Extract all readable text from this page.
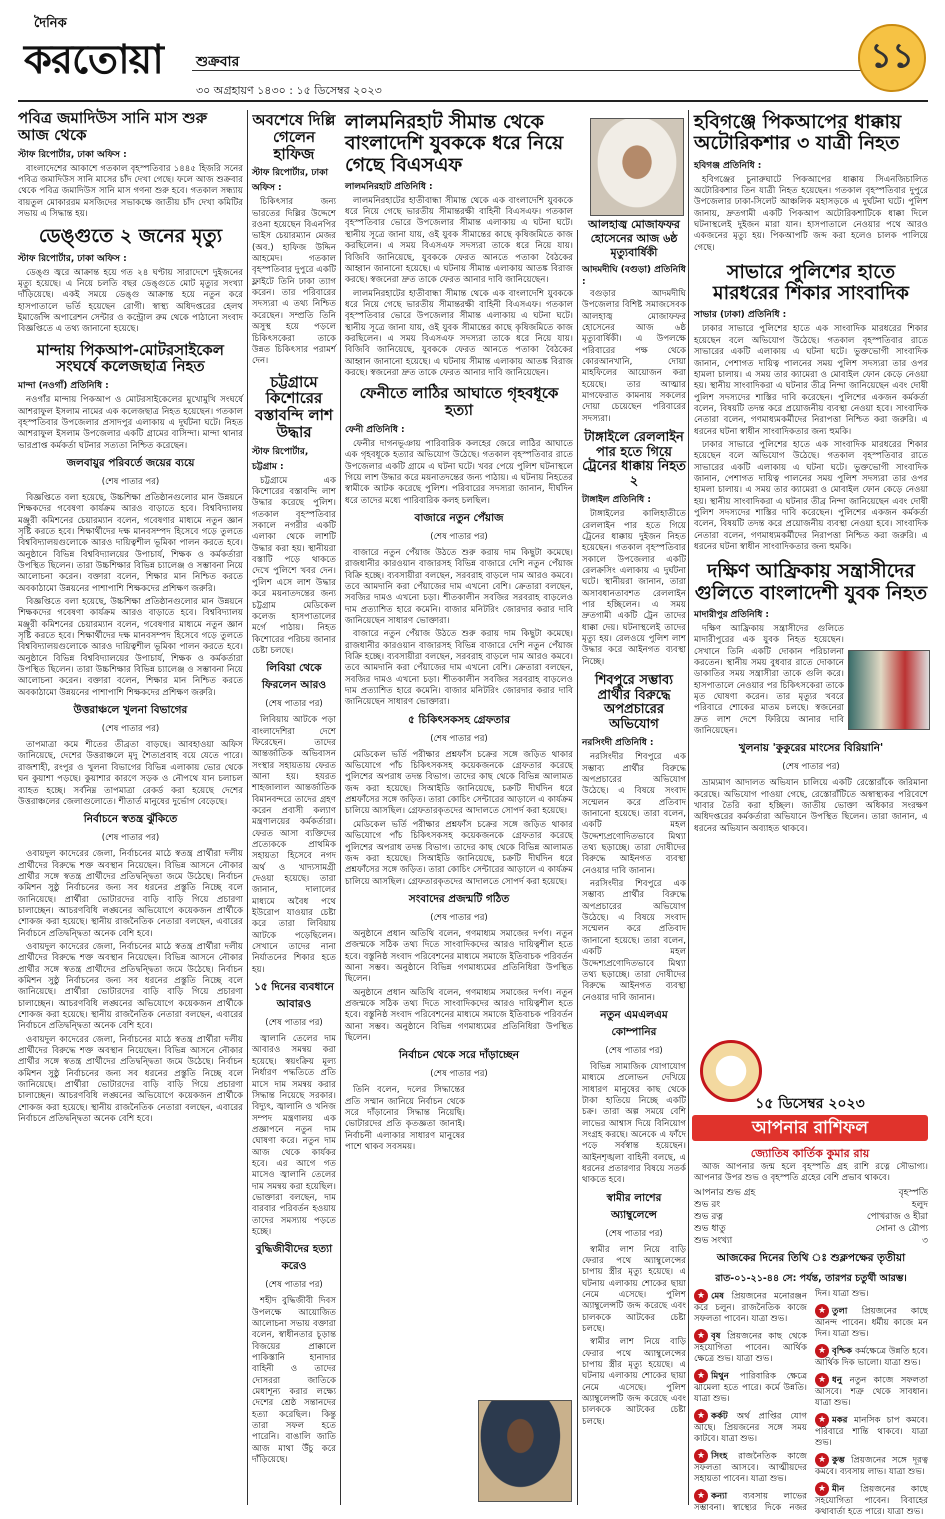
দৈনিক
করতোয়া শুক্রবার
৩০ অগ্রহায়ণ ১৪৩০ : ১৫ ডিসেম্বর ২০২৩
১১
পবিত্র জমাদিউস সানি মাস শুরু আজ থেকে
স্টাফ রিপোর্টার, ঢাকা অফিস :

বাংলাদেশের আকাশে গতকাল বৃহস্পতিবার ১৪৪৫ হিজরি সনের পবিত্র জমাদিউস সানি মাসের চাঁদ দেখা গেছে। ফলে আজ শুক্রবার থেকে পবিত্র জমাদিউস সানি মাস গণনা শুরু হবে। গতকাল সন্ধ্যায় বায়তুল মোকাররম মসজিদের সভাকক্ষে জাতীয় চাঁদ দেখা কমিটির সভায় এ সিদ্ধান্ত হয়।

ডেঙ্গুতে ২ জনের মৃত্যু
স্টাফ রিপোর্টার, ঢাকা অফিস :

ডেঙ্গু জ্বরে আক্রান্ত হয়ে গত ২৪ ঘণ্টায় সারাদেশে দুইজনের মৃত্যু হয়েছে। এ নিয়ে চলতি বছর ডেঙ্গুতে মোট মৃত্যুর সংখ্যা দাঁড়িয়েছে। একই সময়ে ডেঙ্গু আক্রান্ত হয়ে নতুন করে হাসপাতালে ভর্তি হয়েছেন রোগী। স্বাস্থ্য অধিদপ্তরের হেলথ ইমার্জেন্সি অপারেশন সেন্টার ও কন্ট্রোল রুম থেকে পাঠানো সংবাদ বিজ্ঞপ্তিতে এ তথ্য জানানো হয়েছে।

মান্দায় পিকআপ-মোটরসাইকেল সংঘর্ষে কলেজছাত্র নিহত
মান্দা (নওগাঁ) প্রতিনিধি :

নওগাঁর মান্দায় পিকআপ ও মোটরসাইকেলের মুখোমুখি সংঘর্ষে আশরাফুল ইসলাম নামের এক কলেজছাত্র নিহত হয়েছেন। গতকাল বৃহস্পতিবার উপজেলার প্রসাদপুর এলাকায় এ দুর্ঘটনা ঘটে। নিহত আশরাফুল ইসলাম উপজেলার একটি গ্রামের বাসিন্দা। মান্দা থানার ভারপ্রাপ্ত কর্মকর্তা ঘটনার সত্যতা নিশ্চিত করেছেন।

জলবায়ুর পরিবর্তে জয়ের ব্যয়ে
(শেষ পাতার পর)

বিজ্ঞপ্তিতে বলা হয়েছে, উচ্চশিক্ষা প্রতিষ্ঠানগুলোর মান উন্নয়নে শিক্ষকদের গবেষণা কার্যক্রম আরও বাড়াতে হবে। বিশ্ববিদ্যালয় মঞ্জুরী কমিশনের চেয়ারম্যান বলেন, গবেষণার মাধ্যমে নতুন জ্ঞান সৃষ্টি করতে হবে। শিক্ষার্থীদের দক্ষ মানবসম্পদ হিসেবে গড়ে তুলতে বিশ্ববিদ্যালয়গুলোকে আরও দায়িত্বশীল ভূমিকা পালন করতে হবে। অনুষ্ঠানে বিভিন্ন বিশ্ববিদ্যালয়ের উপাচার্য, শিক্ষক ও কর্মকর্তারা উপস্থিত ছিলেন। তারা উচ্চশিক্ষার বিভিন্ন চ্যালেঞ্জ ও সম্ভাবনা নিয়ে আলোচনা করেন। বক্তারা বলেন, শিক্ষার মান নিশ্চিত করতে অবকাঠামো উন্নয়নের পাশাপাশি শিক্ষকদের প্রশিক্ষণ জরুরি।

বিজ্ঞপ্তিতে বলা হয়েছে, উচ্চশিক্ষা প্রতিষ্ঠানগুলোর মান উন্নয়নে শিক্ষকদের গবেষণা কার্যক্রম আরও বাড়াতে হবে। বিশ্ববিদ্যালয় মঞ্জুরী কমিশনের চেয়ারম্যান বলেন, গবেষণার মাধ্যমে নতুন জ্ঞান সৃষ্টি করতে হবে। শিক্ষার্থীদের দক্ষ মানবসম্পদ হিসেবে গড়ে তুলতে বিশ্ববিদ্যালয়গুলোকে আরও দায়িত্বশীল ভূমিকা পালন করতে হবে। অনুষ্ঠানে বিভিন্ন বিশ্ববিদ্যালয়ের উপাচার্য, শিক্ষক ও কর্মকর্তারা উপস্থিত ছিলেন। তারা উচ্চশিক্ষার বিভিন্ন চ্যালেঞ্জ ও সম্ভাবনা নিয়ে আলোচনা করেন। বক্তারা বলেন, শিক্ষার মান নিশ্চিত করতে অবকাঠামো উন্নয়নের পাশাপাশি শিক্ষকদের প্রশিক্ষণ জরুরি।

উত্তরাঞ্চলে খুলনা বিভাগের
(শেষ পাতার পর)

তাপমাত্রা কমে শীতের তীব্রতা বাড়ছে। আবহাওয়া অফিস জানিয়েছে, দেশের উত্তরাঞ্চলে মৃদু শৈত্যপ্রবাহ বয়ে যেতে পারে। রাজশাহী, রংপুর ও খুলনা বিভাগের বিভিন্ন এলাকায় ভোর থেকে ঘন কুয়াশা পড়ছে। কুয়াশার কারণে সড়ক ও নৌপথে যান চলাচল ব্যাহত হচ্ছে। সর্বনিম্ন তাপমাত্রা রেকর্ড করা হয়েছে দেশের উত্তরাঞ্চলের জেলাগুলোতে। শীতার্ত মানুষের দুর্ভোগ বেড়েছে।

নির্বাচনে স্বতন্ত্র ঝুঁকিতে
(শেষ পাতার পর)

ওবায়দুল কাদেরের জেলা, নির্বাচনের মাঠে স্বতন্ত্র প্রার্থীরা দলীয় প্রার্থীদের বিরুদ্ধে শক্ত অবস্থান নিয়েছেন। বিভিন্ন আসনে নৌকার প্রার্থীর সঙ্গে স্বতন্ত্র প্রার্থীদের প্রতিদ্বন্দ্বিতা জমে উঠেছে। নির্বাচন কমিশন সুষ্ঠু নির্বাচনের জন্য সব ধরনের প্রস্তুতি নিচ্ছে বলে জানিয়েছে। প্রার্থীরা ভোটারদের বাড়ি বাড়ি গিয়ে প্রচারণা চালাচ্ছেন। আচরণবিধি লঙ্ঘনের অভিযোগে কয়েকজন প্রার্থীকে শোকজ করা হয়েছে। স্থানীয় রাজনৈতিক নেতারা বলছেন, এবারের নির্বাচনে প্রতিদ্বন্দ্বিতা অনেক বেশি হবে।

ওবায়দুল কাদেরের জেলা, নির্বাচনের মাঠে স্বতন্ত্র প্রার্থীরা দলীয় প্রার্থীদের বিরুদ্ধে শক্ত অবস্থান নিয়েছেন। বিভিন্ন আসনে নৌকার প্রার্থীর সঙ্গে স্বতন্ত্র প্রার্থীদের প্রতিদ্বন্দ্বিতা জমে উঠেছে। নির্বাচন কমিশন সুষ্ঠু নির্বাচনের জন্য সব ধরনের প্রস্তুতি নিচ্ছে বলে জানিয়েছে। প্রার্থীরা ভোটারদের বাড়ি বাড়ি গিয়ে প্রচারণা চালাচ্ছেন। আচরণবিধি লঙ্ঘনের অভিযোগে কয়েকজন প্রার্থীকে শোকজ করা হয়েছে। স্থানীয় রাজনৈতিক নেতারা বলছেন, এবারের নির্বাচনে প্রতিদ্বন্দ্বিতা অনেক বেশি হবে।

ওবায়দুল কাদেরের জেলা, নির্বাচনের মাঠে স্বতন্ত্র প্রার্থীরা দলীয় প্রার্থীদের বিরুদ্ধে শক্ত অবস্থান নিয়েছেন। বিভিন্ন আসনে নৌকার প্রার্থীর সঙ্গে স্বতন্ত্র প্রার্থীদের প্রতিদ্বন্দ্বিতা জমে উঠেছে। নির্বাচন কমিশন সুষ্ঠু নির্বাচনের জন্য সব ধরনের প্রস্তুতি নিচ্ছে বলে জানিয়েছে। প্রার্থীরা ভোটারদের বাড়ি বাড়ি গিয়ে প্রচারণা চালাচ্ছেন। আচরণবিধি লঙ্ঘনের অভিযোগে কয়েকজন প্রার্থীকে শোকজ করা হয়েছে। স্থানীয় রাজনৈতিক নেতারা বলছেন, এবারের নির্বাচনে প্রতিদ্বন্দ্বিতা অনেক বেশি হবে।

অবশেষে দিল্লি গেলেন হাফিজ
স্টাফ রিপোর্টার, ঢাকা অফিস :

চিকিৎসার জন্য ভারতের দিল্লির উদ্দেশে রওনা হয়েছেন বিএনপির ভাইস চেয়ারম্যান মেজর (অব.) হাফিজ উদ্দিন আহমেদ। গতকাল বৃহস্পতিবার দুপুরে একটি ফ্লাইটে তিনি ঢাকা ত্যাগ করেন। তার পরিবারের সদস্যরা এ তথ্য নিশ্চিত করেছেন। সম্প্রতি তিনি অসুস্থ হয়ে পড়লে চিকিৎসকেরা তাকে উন্নত চিকিৎসার পরামর্শ দেন।

চট্টগ্রামে কিশোরের বস্তাবন্দি লাশ উদ্ধার
স্টাফ রিপোর্টার, চট্টগ্রাম :

চট্টগ্রামে এক কিশোরের বস্তাবন্দি লাশ উদ্ধার করেছে পুলিশ। গতকাল বৃহস্পতিবার সকালে নগরীর একটি এলাকা থেকে লাশটি উদ্ধার করা হয়। স্থানীয়রা বস্তাটি পড়ে থাকতে দেখে পুলিশে খবর দেন। পুলিশ এসে লাশ উদ্ধার করে ময়নাতদন্তের জন্য চট্টগ্রাম মেডিকেল কলেজ হাসপাতালের মর্গে পাঠায়। নিহত কিশোরের পরিচয় জানার চেষ্টা চলছে।

লিবিয়া থেকে ফিরলেন আরও
(শেষ পাতার পর)

লিবিয়ায় আটকে পড়া বাংলাদেশিরা দেশে ফিরেছেন। তাদের আন্তর্জাতিক অভিবাসন সংস্থার সহায়তায় ফেরত আনা হয়। হযরত শাহজালাল আন্তর্জাতিক বিমানবন্দরে তাদের গ্রহণ করেন প্রবাসী কল্যাণ মন্ত্রণালয়ের কর্মকর্তারা। ফেরত আসা ব্যক্তিদের প্রত্যেককে প্রাথমিক সহায়তা হিসেবে নগদ অর্থ ও খাদ্যসামগ্রী দেওয়া হয়েছে। তারা জানান, দালালের মাধ্যমে অবৈধ পথে ইউরোপ যাওয়ার চেষ্টা করে তারা লিবিয়ায় আটকে পড়েছিলেন। সেখানে তাদের নানা নির্যাতনের শিকার হতে হয়।

১৫ দিনের ব্যবধানে আবারও
(শেষ পাতার পর)

জ্বালানি তেলের দাম আবারও সমন্বয় করা হয়েছে। স্বয়ংক্রিয় মূল্য নির্ধারণ পদ্ধতিতে প্রতি মাসে দাম সমন্বয় করার সিদ্ধান্ত নিয়েছে সরকার। বিদ্যুৎ, জ্বালানি ও খনিজ সম্পদ মন্ত্রণালয় এক প্রজ্ঞাপনে নতুন দাম ঘোষণা করে। নতুন দাম আজ থেকে কার্যকর হবে। এর আগে গত মাসেও জ্বালানি তেলের দাম সমন্বয় করা হয়েছিল। ভোক্তারা বলছেন, দাম বারবার পরিবর্তন হওয়ায় তাদের সমস্যায় পড়তে হচ্ছে।

বুদ্ধিজীবীদের হত্যা করেও
(শেষ পাতার পর)

শহীদ বুদ্ধিজীবী দিবস উপলক্ষে আয়োজিত আলোচনা সভায় বক্তারা বলেন, স্বাধীনতার চূড়ান্ত বিজয়ের প্রাক্কালে পাকিস্তানি হানাদার বাহিনী ও তাদের দোসররা জাতিকে মেধাশূন্য করার লক্ষ্যে দেশের শ্রেষ্ঠ সন্তানদের হত্যা করেছিল। কিন্তু তারা সফল হতে পারেনি। বাঙালি জাতি আজ মাথা উঁচু করে দাঁড়িয়েছে।

লালমনিরহাট সীমান্ত থেকে বাংলাদেশি যুবককে ধরে নিয়ে গেছে বিএসএফ
লালমনিরহাট প্রতিনিধি :

লালমনিরহাটের হাতীবান্ধা সীমান্ত থেকে এক বাংলাদেশি যুবককে ধরে নিয়ে গেছে ভারতীয় সীমান্তরক্ষী বাহিনী বিএসএফ। গতকাল বৃহস্পতিবার ভোরে উপজেলার সীমান্ত এলাকায় এ ঘটনা ঘটে। স্থানীয় সূত্রে জানা যায়, ওই যুবক সীমান্তের কাছে কৃষিজমিতে কাজ করছিলেন। এ সময় বিএসএফ সদস্যরা তাকে ধরে নিয়ে যায়। বিজিবি জানিয়েছে, যুবককে ফেরত আনতে পতাকা বৈঠকের আহ্বান জানানো হয়েছে। এ ঘটনায় সীমান্ত এলাকায় আতঙ্ক বিরাজ করছে। স্বজনেরা দ্রুত তাকে ফেরত আনার দাবি জানিয়েছেন।

লালমনিরহাটের হাতীবান্ধা সীমান্ত থেকে এক বাংলাদেশি যুবককে ধরে নিয়ে গেছে ভারতীয় সীমান্তরক্ষী বাহিনী বিএসএফ। গতকাল বৃহস্পতিবার ভোরে উপজেলার সীমান্ত এলাকায় এ ঘটনা ঘটে। স্থানীয় সূত্রে জানা যায়, ওই যুবক সীমান্তের কাছে কৃষিজমিতে কাজ করছিলেন। এ সময় বিএসএফ সদস্যরা তাকে ধরে নিয়ে যায়। বিজিবি জানিয়েছে, যুবককে ফেরত আনতে পতাকা বৈঠকের আহ্বান জানানো হয়েছে। এ ঘটনায় সীমান্ত এলাকায় আতঙ্ক বিরাজ করছে। স্বজনেরা দ্রুত তাকে ফেরত আনার দাবি জানিয়েছেন।

ফেনীতে লাঠির আঘাতে গৃহবধূকে হত্যা
ফেনী প্রতিনিধি :

ফেনীর দাগনভূঞায় পারিবারিক কলহের জেরে লাঠির আঘাতে এক গৃহবধূকে হত্যার অভিযোগ উঠেছে। গতকাল বৃহস্পতিবার রাতে উপজেলার একটি গ্রামে এ ঘটনা ঘটে। খবর পেয়ে পুলিশ ঘটনাস্থলে গিয়ে লাশ উদ্ধার করে ময়নাতদন্তের জন্য পাঠায়। এ ঘটনায় নিহতের স্বামীকে আটক করেছে পুলিশ। পরিবারের সদস্যরা জানান, দীর্ঘদিন ধরে তাদের মধ্যে পারিবারিক কলহ চলছিল।

বাজারে নতুন পেঁয়াজ
(শেষ পাতার পর)

বাজারে নতুন পেঁয়াজ উঠতে শুরু করায় দাম কিছুটা কমেছে। রাজধানীর কারওয়ান বাজারসহ বিভিন্ন বাজারে দেশি নতুন পেঁয়াজ বিক্রি হচ্ছে। ব্যবসায়ীরা বলছেন, সরবরাহ বাড়লে দাম আরও কমবে। তবে আমদানি করা পেঁয়াজের দাম এখনো বেশি। ক্রেতারা বলছেন, সবজির দামও এখনো চড়া। শীতকালীন সবজির সরবরাহ বাড়লেও দাম প্রত্যাশিত হারে কমেনি। বাজার মনিটরিং জোরদার করার দাবি জানিয়েছেন সাধারণ ভোক্তারা।

বাজারে নতুন পেঁয়াজ উঠতে শুরু করায় দাম কিছুটা কমেছে। রাজধানীর কারওয়ান বাজারসহ বিভিন্ন বাজারে দেশি নতুন পেঁয়াজ বিক্রি হচ্ছে। ব্যবসায়ীরা বলছেন, সরবরাহ বাড়লে দাম আরও কমবে। তবে আমদানি করা পেঁয়াজের দাম এখনো বেশি। ক্রেতারা বলছেন, সবজির দামও এখনো চড়া। শীতকালীন সবজির সরবরাহ বাড়লেও দাম প্রত্যাশিত হারে কমেনি। বাজার মনিটরিং জোরদার করার দাবি জানিয়েছেন সাধারণ ভোক্তারা।

৫ চিকিৎসকসহ গ্রেফতার
(শেষ পাতার পর)

মেডিকেল ভর্তি পরীক্ষার প্রশ্নফাঁস চক্রের সঙ্গে জড়িত থাকার অভিযোগে পাঁচ চিকিৎসকসহ কয়েকজনকে গ্রেফতার করেছে পুলিশের অপরাধ তদন্ত বিভাগ। তাদের কাছ থেকে বিভিন্ন আলামত জব্দ করা হয়েছে। সিআইডি জানিয়েছে, চক্রটি দীর্ঘদিন ধরে প্রশ্নফাঁসের সঙ্গে জড়িত। তারা কোচিং সেন্টারের আড়ালে এ কার্যক্রম চালিয়ে আসছিল। গ্রেফতারকৃতদের আদালতে সোপর্দ করা হয়েছে।

মেডিকেল ভর্তি পরীক্ষার প্রশ্নফাঁস চক্রের সঙ্গে জড়িত থাকার অভিযোগে পাঁচ চিকিৎসকসহ কয়েকজনকে গ্রেফতার করেছে পুলিশের অপরাধ তদন্ত বিভাগ। তাদের কাছ থেকে বিভিন্ন আলামত জব্দ করা হয়েছে। সিআইডি জানিয়েছে, চক্রটি দীর্ঘদিন ধরে প্রশ্নফাঁসের সঙ্গে জড়িত। তারা কোচিং সেন্টারের আড়ালে এ কার্যক্রম চালিয়ে আসছিল। গ্রেফতারকৃতদের আদালতে সোপর্দ করা হয়েছে।

সংবাদের প্রজন্মটি গঠিত
(শেষ পাতার পর)

অনুষ্ঠানে প্রধান অতিথি বলেন, গণমাধ্যম সমাজের দর্পণ। নতুন প্রজন্মকে সঠিক তথ্য দিতে সাংবাদিকদের আরও দায়িত্বশীল হতে হবে। বস্তুনিষ্ঠ সংবাদ পরিবেশনের মাধ্যমে সমাজে ইতিবাচক পরিবর্তন আনা সম্ভব। অনুষ্ঠানে বিভিন্ন গণমাধ্যমের প্রতিনিধিরা উপস্থিত ছিলেন।

অনুষ্ঠানে প্রধান অতিথি বলেন, গণমাধ্যম সমাজের দর্পণ। নতুন প্রজন্মকে সঠিক তথ্য দিতে সাংবাদিকদের আরও দায়িত্বশীল হতে হবে। বস্তুনিষ্ঠ সংবাদ পরিবেশনের মাধ্যমে সমাজে ইতিবাচক পরিবর্তন আনা সম্ভব। অনুষ্ঠানে বিভিন্ন গণমাধ্যমের প্রতিনিধিরা উপস্থিত ছিলেন।

নির্বাচন থেকে সরে দাঁড়াচ্ছেন
(শেষ পাতার পর)

তিনি বলেন, দলের সিদ্ধান্তের প্রতি সম্মান জানিয়ে নির্বাচন থেকে সরে দাঁড়ানোর সিদ্ধান্ত নিয়েছি। ভোটারদের প্রতি কৃতজ্ঞতা জানাই। নির্বাচনী এলাকার সাধারণ মানুষের পাশে থাকব সবসময়।

আলহাজ্ব মোজাফফর হোসেনের আজ ৬ষ্ঠ মৃত্যুবার্ষিকী
আদমদীঘি (বগুড়া) প্রতিনিধি :

বগুড়ার আদমদীঘি উপজেলার বিশিষ্ট সমাজসেবক আলহাজ্ব মোজাফফর হোসেনের আজ ৬ষ্ঠ মৃত্যুবার্ষিকী। এ উপলক্ষে পরিবারের পক্ষ থেকে কোরআনখানি, দোয়া মাহফিলের আয়োজন করা হয়েছে। তার আত্মার মাগফেরাত কামনায় সকলের দোয়া চেয়েছেন পরিবারের সদস্যরা।

টাঙ্গাইলে রেললাইন পার হতে গিয়ে ট্রেনের ধাক্কায় নিহত ২
টাঙ্গাইল প্রতিনিধি :

টাঙ্গাইলের কালিহাতীতে রেললাইন পার হতে গিয়ে ট্রেনের ধাক্কায় দুইজন নিহত হয়েছেন। গতকাল বৃহস্পতিবার সকালে উপজেলার একটি রেলক্রসিং এলাকায় এ দুর্ঘটনা ঘটে। স্থানীয়রা জানান, তারা অসাবধানতাবশত রেললাইন পার হচ্ছিলেন। এ সময় দ্রুতগামী একটি ট্রেন তাদের ধাক্কা দেয়। ঘটনাস্থলেই তাদের মৃত্যু হয়। রেলওয়ে পুলিশ লাশ উদ্ধার করে আইনগত ব্যবস্থা নিচ্ছে।

শিবপুরে সম্ভাব্য প্রার্থীর বিরুদ্ধে অপপ্রচারের অভিযোগ
নরসিংদী প্রতিনিধি :

নরসিংদীর শিবপুরে এক সম্ভাব্য প্রার্থীর বিরুদ্ধে অপপ্রচারের অভিযোগ উঠেছে। এ বিষয়ে সংবাদ সম্মেলন করে প্রতিবাদ জানানো হয়েছে। তারা বলেন, একটি মহল উদ্দেশ্যপ্রণোদিতভাবে মিথ্যা তথ্য ছড়াচ্ছে। তারা দোষীদের বিরুদ্ধে আইনগত ব্যবস্থা নেওয়ার দাবি জানান।

নরসিংদীর শিবপুরে এক সম্ভাব্য প্রার্থীর বিরুদ্ধে অপপ্রচারের অভিযোগ উঠেছে। এ বিষয়ে সংবাদ সম্মেলন করে প্রতিবাদ জানানো হয়েছে। তারা বলেন, একটি মহল উদ্দেশ্যপ্রণোদিতভাবে মিথ্যা তথ্য ছড়াচ্ছে। তারা দোষীদের বিরুদ্ধে আইনগত ব্যবস্থা নেওয়ার দাবি জানান।

নতুন এমএলএম কোম্পানির
(শেষ পাতার পর)

বিভিন্ন সামাজিক যোগাযোগ মাধ্যমে প্রলোভন দেখিয়ে সাধারণ মানুষের কাছ থেকে টাকা হাতিয়ে নিচ্ছে একটি চক্র। তারা অল্প সময়ে বেশি লাভের আশ্বাস দিয়ে বিনিয়োগ সংগ্রহ করছে। অনেকে এ ফাঁদে পড়ে সর্বস্বান্ত হয়েছেন। আইনশৃঙ্খলা বাহিনী বলছে, এ ধরনের প্রতারণার বিষয়ে সতর্ক থাকতে হবে।

স্বামীর লাশের অ্যাম্বুলেন্সে
(শেষ পাতার পর)

স্বামীর লাশ নিয়ে বাড়ি ফেরার পথে অ্যাম্বুলেন্সের চাপায় স্ত্রীর মৃত্যু হয়েছে। এ ঘটনায় এলাকায় শোকের ছায়া নেমে এসেছে। পুলিশ অ্যাম্বুলেন্সটি জব্দ করেছে এবং চালককে আটকের চেষ্টা চলছে।

স্বামীর লাশ নিয়ে বাড়ি ফেরার পথে অ্যাম্বুলেন্সের চাপায় স্ত্রীর মৃত্যু হয়েছে। এ ঘটনায় এলাকায় শোকের ছায়া নেমে এসেছে। পুলিশ অ্যাম্বুলেন্সটি জব্দ করেছে এবং চালককে আটকের চেষ্টা চলছে।

হবিগঞ্জে পিকআপের ধাক্কায় অটোরিকশার ৩ যাত্রী নিহত
হবিগঞ্জ প্রতিনিধি :

হবিগঞ্জের চুনারুঘাটে পিকআপের ধাক্কায় সিএনজিচালিত অটোরিকশার তিন যাত্রী নিহত হয়েছেন। গতকাল বৃহস্পতিবার দুপুরে উপজেলার ঢাকা-সিলেট আঞ্চলিক মহাসড়কে এ দুর্ঘটনা ঘটে। পুলিশ জানায়, দ্রুতগামী একটি পিকআপ অটোরিকশাটিকে ধাক্কা দিলে ঘটনাস্থলেই দুইজন মারা যান। হাসপাতালে নেওয়ার পথে আরও একজনের মৃত্যু হয়। পিকআপটি জব্দ করা হলেও চালক পালিয়ে গেছে।

সাভারে পুলিশের হাতে মারধরের শিকার সাংবাদিক
সাভার (ঢাকা) প্রতিনিধি :

ঢাকার সাভারে পুলিশের হাতে এক সাংবাদিক মারধরের শিকার হয়েছেন বলে অভিযোগ উঠেছে। গতকাল বৃহস্পতিবার রাতে সাভারের একটি এলাকায় এ ঘটনা ঘটে। ভুক্তভোগী সাংবাদিক জানান, পেশাগত দায়িত্ব পালনের সময় পুলিশ সদস্যরা তার ওপর হামলা চালায়। এ সময় তার ক্যামেরা ও মোবাইল ফোন কেড়ে নেওয়া হয়। স্থানীয় সাংবাদিকরা এ ঘটনার তীব্র নিন্দা জানিয়েছেন এবং দোষী পুলিশ সদস্যদের শাস্তির দাবি করেছেন। পুলিশের একজন কর্মকর্তা বলেন, বিষয়টি তদন্ত করে প্রয়োজনীয় ব্যবস্থা নেওয়া হবে। সাংবাদিক নেতারা বলেন, গণমাধ্যমকর্মীদের নিরাপত্তা নিশ্চিত করা জরুরি। এ ধরনের ঘটনা স্বাধীন সাংবাদিকতার জন্য হুমকি।

ঢাকার সাভারে পুলিশের হাতে এক সাংবাদিক মারধরের শিকার হয়েছেন বলে অভিযোগ উঠেছে। গতকাল বৃহস্পতিবার রাতে সাভারের একটি এলাকায় এ ঘটনা ঘটে। ভুক্তভোগী সাংবাদিক জানান, পেশাগত দায়িত্ব পালনের সময় পুলিশ সদস্যরা তার ওপর হামলা চালায়। এ সময় তার ক্যামেরা ও মোবাইল ফোন কেড়ে নেওয়া হয়। স্থানীয় সাংবাদিকরা এ ঘটনার তীব্র নিন্দা জানিয়েছেন এবং দোষী পুলিশ সদস্যদের শাস্তির দাবি করেছেন। পুলিশের একজন কর্মকর্তা বলেন, বিষয়টি তদন্ত করে প্রয়োজনীয় ব্যবস্থা নেওয়া হবে। সাংবাদিক নেতারা বলেন, গণমাধ্যমকর্মীদের নিরাপত্তা নিশ্চিত করা জরুরি। এ ধরনের ঘটনা স্বাধীন সাংবাদিকতার জন্য হুমকি।

দক্ষিণ আফ্রিকায় সন্ত্রাসীদের গুলিতে বাংলাদেশী যুবক নিহত
মাদারীপুর প্রতিনিধি :

দক্ষিণ আফ্রিকায় সন্ত্রাসীদের গুলিতে মাদারীপুরের এক যুবক নিহত হয়েছেন। সেখানে তিনি একটি দোকান পরিচালনা করতেন। স্থানীয় সময় বুধবার রাতে দোকানে ডাকাতির সময় সন্ত্রাসীরা তাকে গুলি করে। হাসপাতালে নেওয়ার পর চিকিৎসকেরা তাকে মৃত ঘোষণা করেন। তার মৃত্যুর খবরে পরিবারে শোকের মাতম চলছে। স্বজনেরা দ্রুত লাশ দেশে ফিরিয়ে আনার দাবি জানিয়েছেন।

খুলনায় 'কুকুরের মাংসের বিরিয়ানি'
(শেষ পাতার পর)

ভ্রাম্যমাণ আদালত অভিযান চালিয়ে একটি রেস্তোরাঁকে জরিমানা করেছে। অভিযোগ পাওয়া গেছে, রেস্তোরাঁটিতে অস্বাস্থ্যকর পরিবেশে খাবার তৈরি করা হচ্ছিল। জাতীয় ভোক্তা অধিকার সংরক্ষণ অধিদপ্তরের কর্মকর্তারা অভিযানে উপস্থিত ছিলেন। তারা জানান, এ ধরনের অভিযান অব্যাহত থাকবে।

১৫ ডিসেম্বর ২০২৩
আপনার রাশিফল
জ্যোতিষ কার্তিক কুমার রায়

আজ আপনার জন্ম হলে বৃহস্পতি গ্রহ রাশি রত্নে সৌভাগ্য। আপনার উপর শুভ ও বৃহস্পতি গ্রহের বেশি প্রভাব থাকবে।

আপনার শুভ গ্রহ	বৃহস্পতি
শুভ রং	হলুদ
শুভ রত্ন	পোখরাজ ও হীরা
শুভ ধাতু	সোনা ও রৌপ্য
শুভ সংখ্যা	৩
আজকের দিনের তিথি ঃ শুক্লপক্ষের তৃতীয়া
রাত-০১-২১-৪৪ সে: পর্যন্ত, তারপর চতুর্থী আরম্ভ।
★ মেষ প্রিয়জনের মনোরঞ্জন করে চলুন। রাজনৈতিক কাজে সফলতা পাবেন। যাত্রা শুভ।
★ বৃষ প্রিয়জনের কাছ থেকে সহযোগিতা পাবেন। আর্থিক ক্ষেত্রে শুভ। যাত্রা শুভ।
★ মিথুন পারিবারিক ক্ষেত্রে ঝামেলা হতে পারে। কর্মে উন্নতি। যাত্রা শুভ।
★ কর্কট অর্থ প্রাপ্তির যোগ আছে। প্রিয়জনের সঙ্গে সময় কাটবে। যাত্রা শুভ।
★ সিংহ রাজনৈতিক কাজে সফলতা আসবে। আত্মীয়দের সহায়তা পাবেন। যাত্রা শুভ।
★ কন্যা ব্যবসায় লাভের সম্ভাবনা। স্বাস্থ্যের দিকে নজর দিন। যাত্রা শুভ।
★ তুলা প্রিয়জনের কাছে আনন্দ পাবেন। ধর্মীয় কাজে মন দিন। যাত্রা শুভ।
★ বৃশ্চিক কর্মক্ষেত্রে উন্নতি হবে। আর্থিক দিক ভালো। যাত্রা শুভ।
★ ধনু নতুন কাজে সফলতা আসবে। শত্রু থেকে সাবধান। যাত্রা শুভ।
★ মকর মানসিক চাপ কমবে। পরিবারে শান্তি থাকবে। যাত্রা শুভ।
★ কুম্ভ প্রিয়জনের সঙ্গে দূরত্ব কমবে। ব্যবসায় লাভ। যাত্রা শুভ।
★ মীন প্রিয়জনের কাছে সহযোগিতা পাবেন। বিবাহের কথাবার্তা হতে পারে। যাত্রা শুভ।
